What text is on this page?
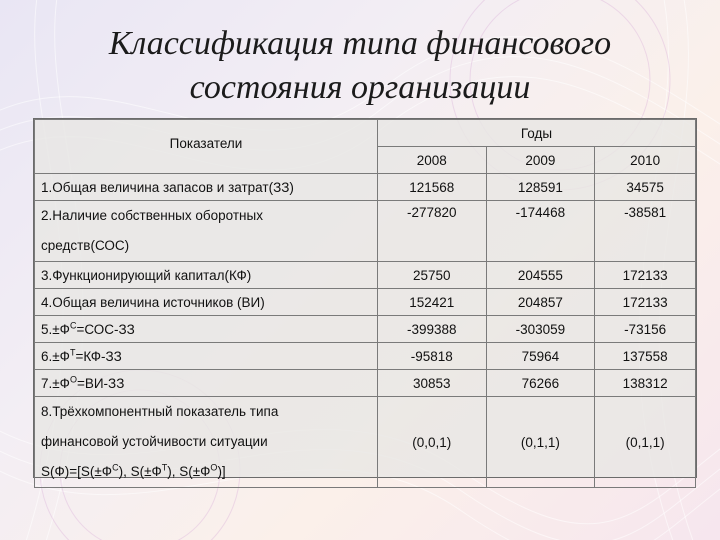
Классификация типа финансового
состояния организации
Показатели	Годы		
	2008	2009	2010
1.Общая величина запасов и затрат(ЗЗ)	121568	128591	34575

2.Наличие собственных оборотных
средств(СОС)	-277820	-174468	-38581
3.Функционирующий капитал(КФ)	25750	204555	172133
4.Общая величина источников (ВИ)	152421	204857	172133
$5.\pm Ф^С=СОС-ЗЗ$	-399388	-303059	-73156
$6.\pm Ф^Т=КФ-ЗЗ$	-95818	75964	137558
$7.\pm Ф^О=ВИ-ЗЗ$	30853	76266	138312

8.Трёхкомпонентный показатель типа
финансовой устойчивости ситуации
$S(Ф)=[S(\pm Ф^С)$, $S(\pm Ф^Т)$, $S(\pm Ф^О)$]	(0,0,1)	(0,1,1)	(0,1,1)
